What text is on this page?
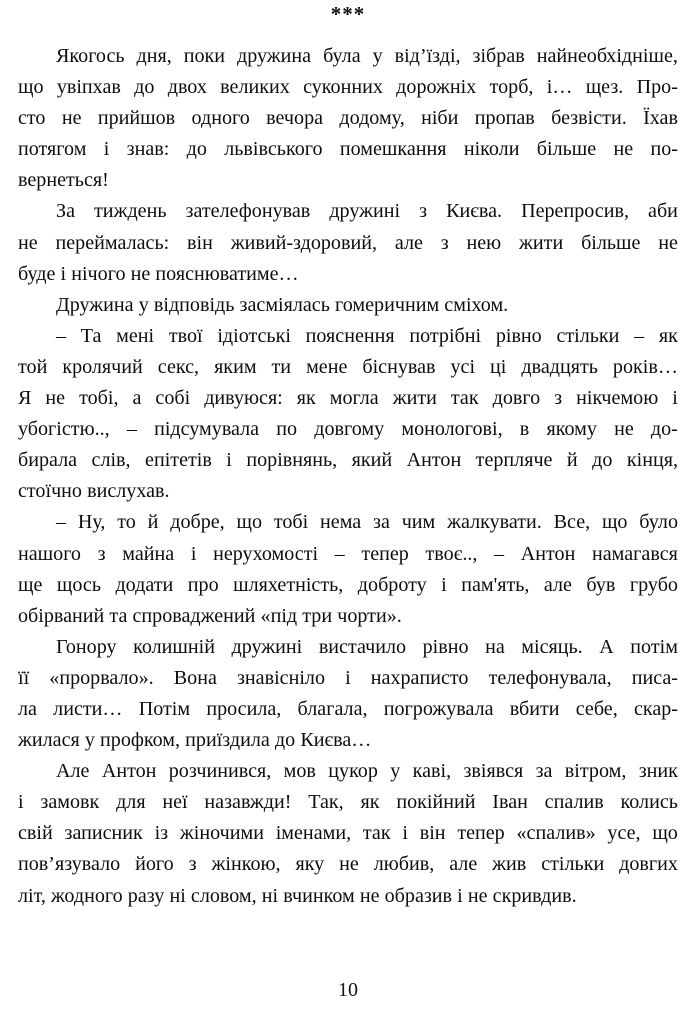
***

Якогось дня, поки дружина була у від’їзді, зібрав найнеобхідніше,
що увіпхав до двох великих суконних дорожніх торб, і… щез. Про-
сто не прийшов одного вечора додому, ніби пропав безвісти. Їхав
потягом і знав: до львівського помешкання ніколи більше не по-
вернеться!

За тиждень зателефонував дружині з Києва. Перепросив, аби
не переймалась: він живий-здоровий, але з нею жити більше не
буде і нічого не пояснюватиме…

Дружина у відповідь засміялась гомеричним сміхом.

– Та мені твої ідіотські пояснення потрібні рівно стільки – як
той кролячий секс, яким ти мене біснував усі ці двадцять років…
Я не тобі, а собі дивуюся: як могла жити так довго з нікчемою і
убогістю.., – підсумувала по довгому монологові, в якому не до-
бирала слів, епітетів і порівнянь, який Антон терпляче й до кінця,
стоїчно вислухав.

– Ну, то й добре, що тобі нема за чим жалкувати. Все, що було
нашого з майна і нерухомості – тепер твоє.., – Антон намагався
ще щось додати про шляхетність, доброту і пам'ять, але був грубо
обірваний та спроваджений «під три чорти».

Гонору колишній дружині вистачило рівно на місяць. А потім
її «прорвало». Вона знавісніло і нахрaписто телефонувала, писа-
ла листи… Потім просила, благала, погрожувала вбити себе, скар-
жилася у профком, приїздила до Києва…

Але Антон розчинився, мов цукор у каві, звіявся за вітром, зник
і замовк для неї назавжди! Так, як покійний Іван спалив колись
свій записник із жіночими іменами, так і він тепер «спалив» усе, що
пов’язувало його з жінкою, яку не любив, але жив стільки довгих
літ, жодного разу ні словом, ні вчинком не образив і не скривдив.

10
